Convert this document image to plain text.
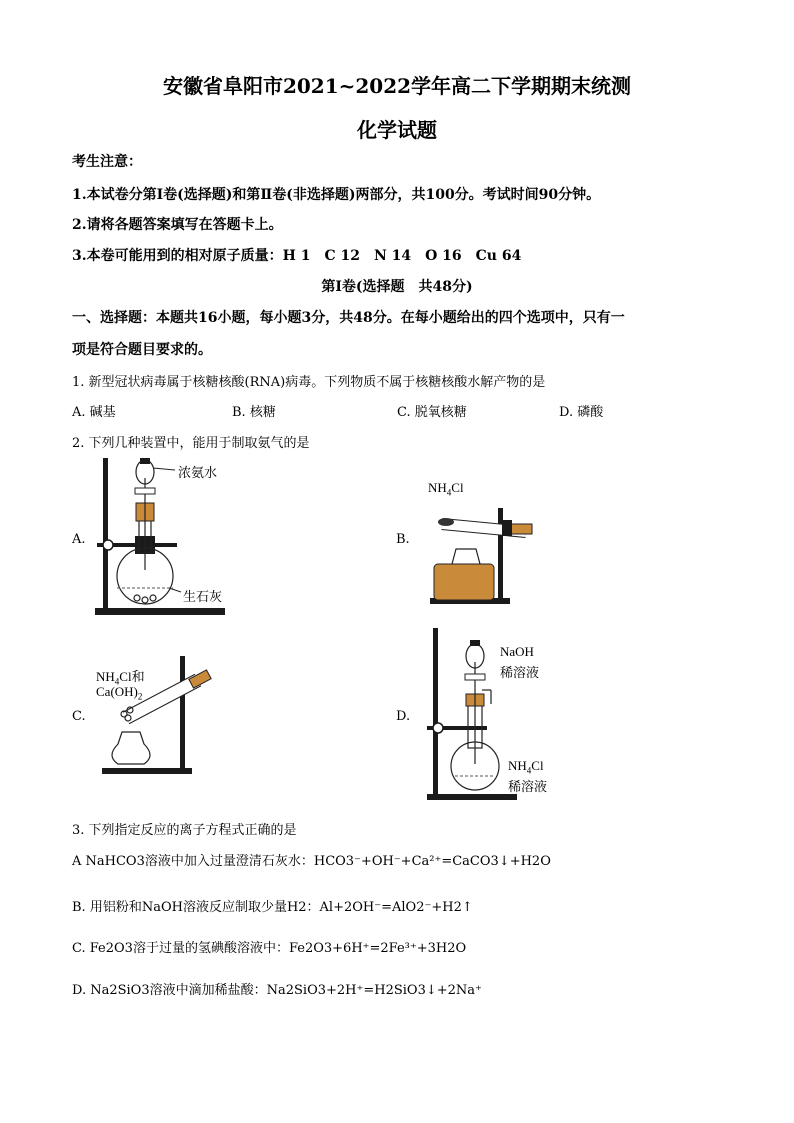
安徽省阜阳市2021~2022学年高二下学期期末统测
化学试题
考生注意：
1.本试卷分第Ⅰ卷(选择题)和第Ⅱ卷(非选择题)两部分，共100分。考试时间90分钟。
2.请将各题答案填写在答题卡上。
3.本卷可能用到的相对原子质量：H 1　C 12　N 14　O 16　Cu 64
第Ⅰ卷(选择题　共48分)
一、选择题：本题共16小题，每小题3分，共48分。在每小题给出的四个选项中，只有一
项是符合题目要求的。
1. 新型冠状病毒属于核糖核酸(RNA)病毒。下列物质不属于核糖核酸水解产物的是
A. 碱基	B. 核糖	C. 脱氧核糖	D. 磷酸
2. 下列几种装置中，能用于制取氨气的是
A.	B.
C.	D.
浓氨水
生石灰
$NH_4Cl$
$NH_4Cl$和
$Ca(OH)_2$
NaOH
稀溶液
$NH_4Cl$
稀溶液
3. 下列指定反应的离子方程式正确的是
A NaHCO3溶液中加入过量澄清石灰水：HCO3⁻+OH⁻+Ca²⁺=CaCO3↓+H2O
B. 用铝粉和NaOH溶液反应制取少量H2：Al+2OH⁻=AlO2⁻+H2↑
C. Fe2O3溶于过量的氢碘酸溶液中：Fe2O3+6H⁺=2Fe³⁺+3H2O
D. Na2SiO3溶液中滴加稀盐酸：Na2SiO3+2H⁺=H2SiO3↓+2Na⁺
